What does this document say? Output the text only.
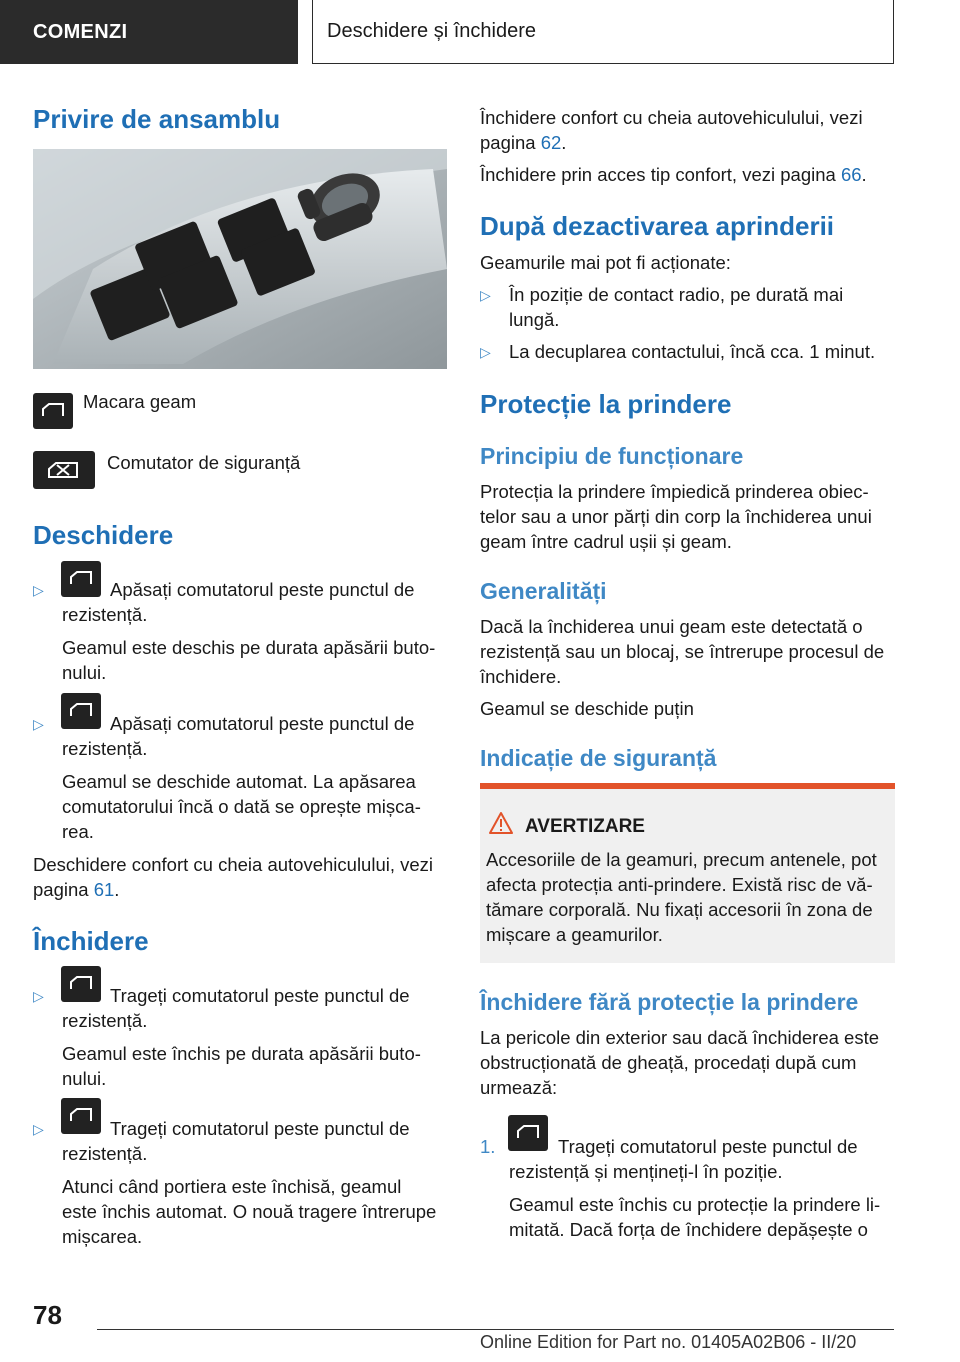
COMENZI	Deschidere și închidere
Privire de ansamblu
Macara geam
Comutator de siguranță
Deschidere
▷	Apăsați comutatorul peste punctul de
rezistență.
Geamul este deschis pe durata apăsării buto-
nului.
▷	Apăsați comutatorul peste punctul de
rezistență.
Geamul se deschide automat. La apăsarea
comutatorului încă o dată se oprește mișca-
rea.
Deschidere confort cu cheia autovehiculului, vezi
pagina 61.
Închidere
▷	Trageți comutatorul peste punctul de
rezistență.
Geamul este închis pe durata apăsării buto-
nului.
▷	Trageți comutatorul peste punctul de
rezistență.
Atunci când portiera este închisă, geamul
este închis automat. O nouă tragere întrerupe
mișcarea.
Închidere confort cu cheia autovehiculului, vezi
pagina 62.
Închidere prin acces tip confort, vezi pagina 66.
După dezactivarea aprinderii
Geamurile mai pot fi acționate:
▷ În poziție de contact radio, pe durată mai
lungă.
▷ La decuplarea contactului, încă cca. 1 minut.
Protecție la prindere
Principiu de funcționare
Protecția la prindere împiedică prinderea obiec-
telor sau a unor părți din corp la închiderea unui
geam între cadrul ușii și geam.
Generalități
Dacă la închiderea unui geam este detectată o
rezistență sau un blocaj, se întrerupe procesul de
închidere.
Geamul se deschide puțin
Indicație de siguranță
AVERTIZARE
Accesoriile de la geamuri, precum antenele, pot
afecta protecția anti-prindere. Există risc de vă-
tămare corporală. Nu fixați accesorii în zona de
mișcare a geamurilor.
Închidere fără protecție la prindere
La pericole din exterior sau dacă închiderea este
obstrucționată de gheață, procedați după cum
urmează:
1.	Trageți comutatorul peste punctul de
rezistență și mențineți-l în poziție.
Geamul este închis cu protecție la prindere li-
mitată. Dacă forța de închidere depășește o
78
Online Edition for Part no. 01405A02B06 - II/20
